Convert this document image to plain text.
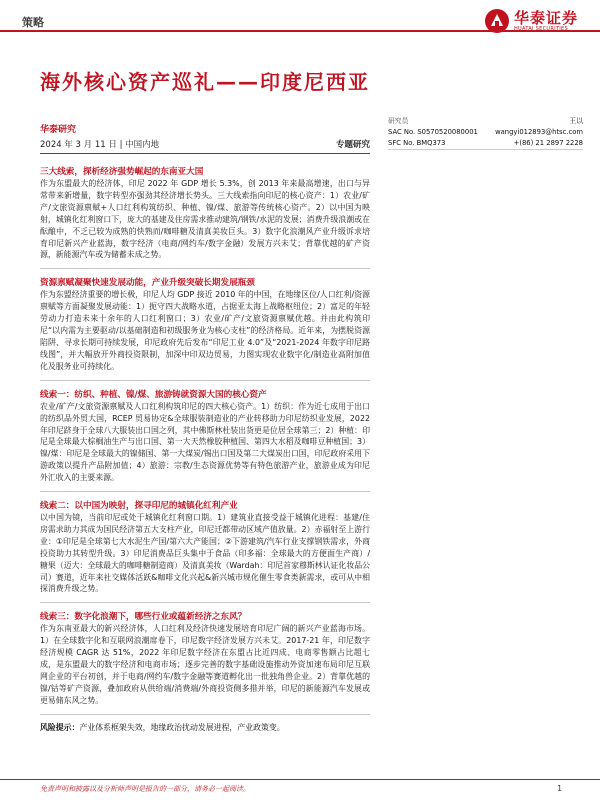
策略	华泰证券
HUATAI SECURITIES
海外核心资产巡礼——印度尼西亚
华泰研究
2024 年 3 月 11 日 | 中国内地	专题研究
研究员	王以
SAC No. S0570520080001	wangyi012893@htsc.com
SFC No. BMQ373	+(86) 21 2897 2228
三大线索，探析经济强势崛起的东南亚大国
作为东盟最大的经济体，印尼 2022 年 GDP 增长 5.3%，创 2013 年来最高增速，出口与异常带来新增量，数字转型亦强劲其经济增长势头。三大线索指向印尼的核心资产：1）农业/矿产/文旅资源禀赋+人口红利构筑纺织、种植、镍/煤、旅游等传统核心资产。2）以中国为映射，城镇化红利窗口下，庞大的基建及住房需求推动建筑/钢铁/水泥的发展；消费升级浪潮或在酝酿中，不乏已较为成熟的快熟而/咖啡糖及清真美妆巨头。3）数字化浪潮风产业升级诉求培育印尼新兴产业蓝海，数字经济（电商/网约车/数字金融）发展方兴未艾；背靠优越的矿产资源，新能源汽车或为储蓄未成之势。
资源禀赋凝聚快速发展动能，产业升级突破长期发展瓶颈
作为东盟经济重要的增长极，印尼人均 GDP 接近 2010 年的中国，在地缘区位/人口红利/资源禀赋等方面凝聚发展动能：1）扼守四大战略水道，占据亚太海上战略枢纽位；2）富足的年轻劳动力打造未来十余年的人口红利窗口；3）农业/矿产/文旅资源禀赋优越。并由此构筑印尼“以内需为主要驱动/以基础制造和初级服务业为核心支柱”的经济格局。近年来，为摆脱资源陷阱、寻求长期可持续发展，印尼政府先后发布“印尼工业 4.0”及“2021-2024 年数字印尼路线图”，并大幅放开外商投资限制，加深中印双边贸易，力图实现农业数字化/制造业高附加值化及服务业可持续化。
线索一：纺织、种植、镍/煤、旅游铸就资源大国的核心资产
农业/矿产/文旅资源禀赋及人口红利构筑印尼的四大核心资产。1）纺织：作为近七成用于出口的纺织品外贸大国，RCEP 贸易协定&全球服装制造业的产业转移助力印尼纺织业发展，2022 年印尼跻身于全球八大服装出口国之列，其中佛斯林杜装出货更是位居全球第三；2）种植：印尼是全球最大棕榈油生产与出口国、第一大天然橡胶种植国、第四大水稻及咖啡豆种植国；3）镍/煤：印尼是全球最大的镍储国、第一大煤炭/锡出口国及第二大煤炭出口国，印尼政府采用下游政策以提升产品附加值；4）旅游：宗教/生态资源优势等有特色旅游产业，旅游业成为印尼外汇收入的主要来源。
线索二：以中国为映射，探寻印尼的城镇化红利产业
以中国为镜，当前印尼或处于城镇化红利窗口期。1）建筑业直接受益于城镇化进程：基建/住房需求助力其成为国民经济第五大支柱产业，印尼迁都带动区域产值放量。2）赤福射至上游行业：①印尼是全球第七大水泥生产国/第六大产能国；②下游建筑/汽车行业支撑钢铁需求，外商投资助力其转型升级。3）印尼消费品巨头集中于食品（印多福：全球最大的方便面生产商）/糖果（迈大：全球最大的咖啡糖制造商）及清真美妆（Wardah：印尼首家穆斯林认证化妆品公司）赛道，近年来社交媒体活跃&咖啡文化兴起&新兴城市规化催生零食类新需求，或可从中相探消费升级之势。
线索三：数字化浪潮下，哪些行业或蕴新经济之东风？
作为东南亚最大的新兴经济体，人口红利及经济快速发展培育印尼广阔的新兴产业蓝海市场。1）在全球数字化和互联网浪潮席卷下，印尼数字经济发展方兴未艾。2017-21 年，印尼数字经济规模 CAGR 达 51%，2022 年印尼数字经济在东盟占比近四成、电商零售额占比超七成，是东盟最大的数字经济和电商市场；逐步完善的数字基础设施推动外资加速布局印尼互联网企业的平台初创，并于电商/网约车/数字金融等赛道孵化出一批独角兽企业。2）背靠优越的镍/钴等矿产资源，叠加政府从供给端/消费端/外商投资侧多措并举，印尼的新能源汽车发展或更易储东风之势。
风险提示：产业体系框架失效，地缘政治扰动发展进程，产业政策变。
免责声明和披露以及分析师声明是报告的一部分，请务必一起阅读。	1
